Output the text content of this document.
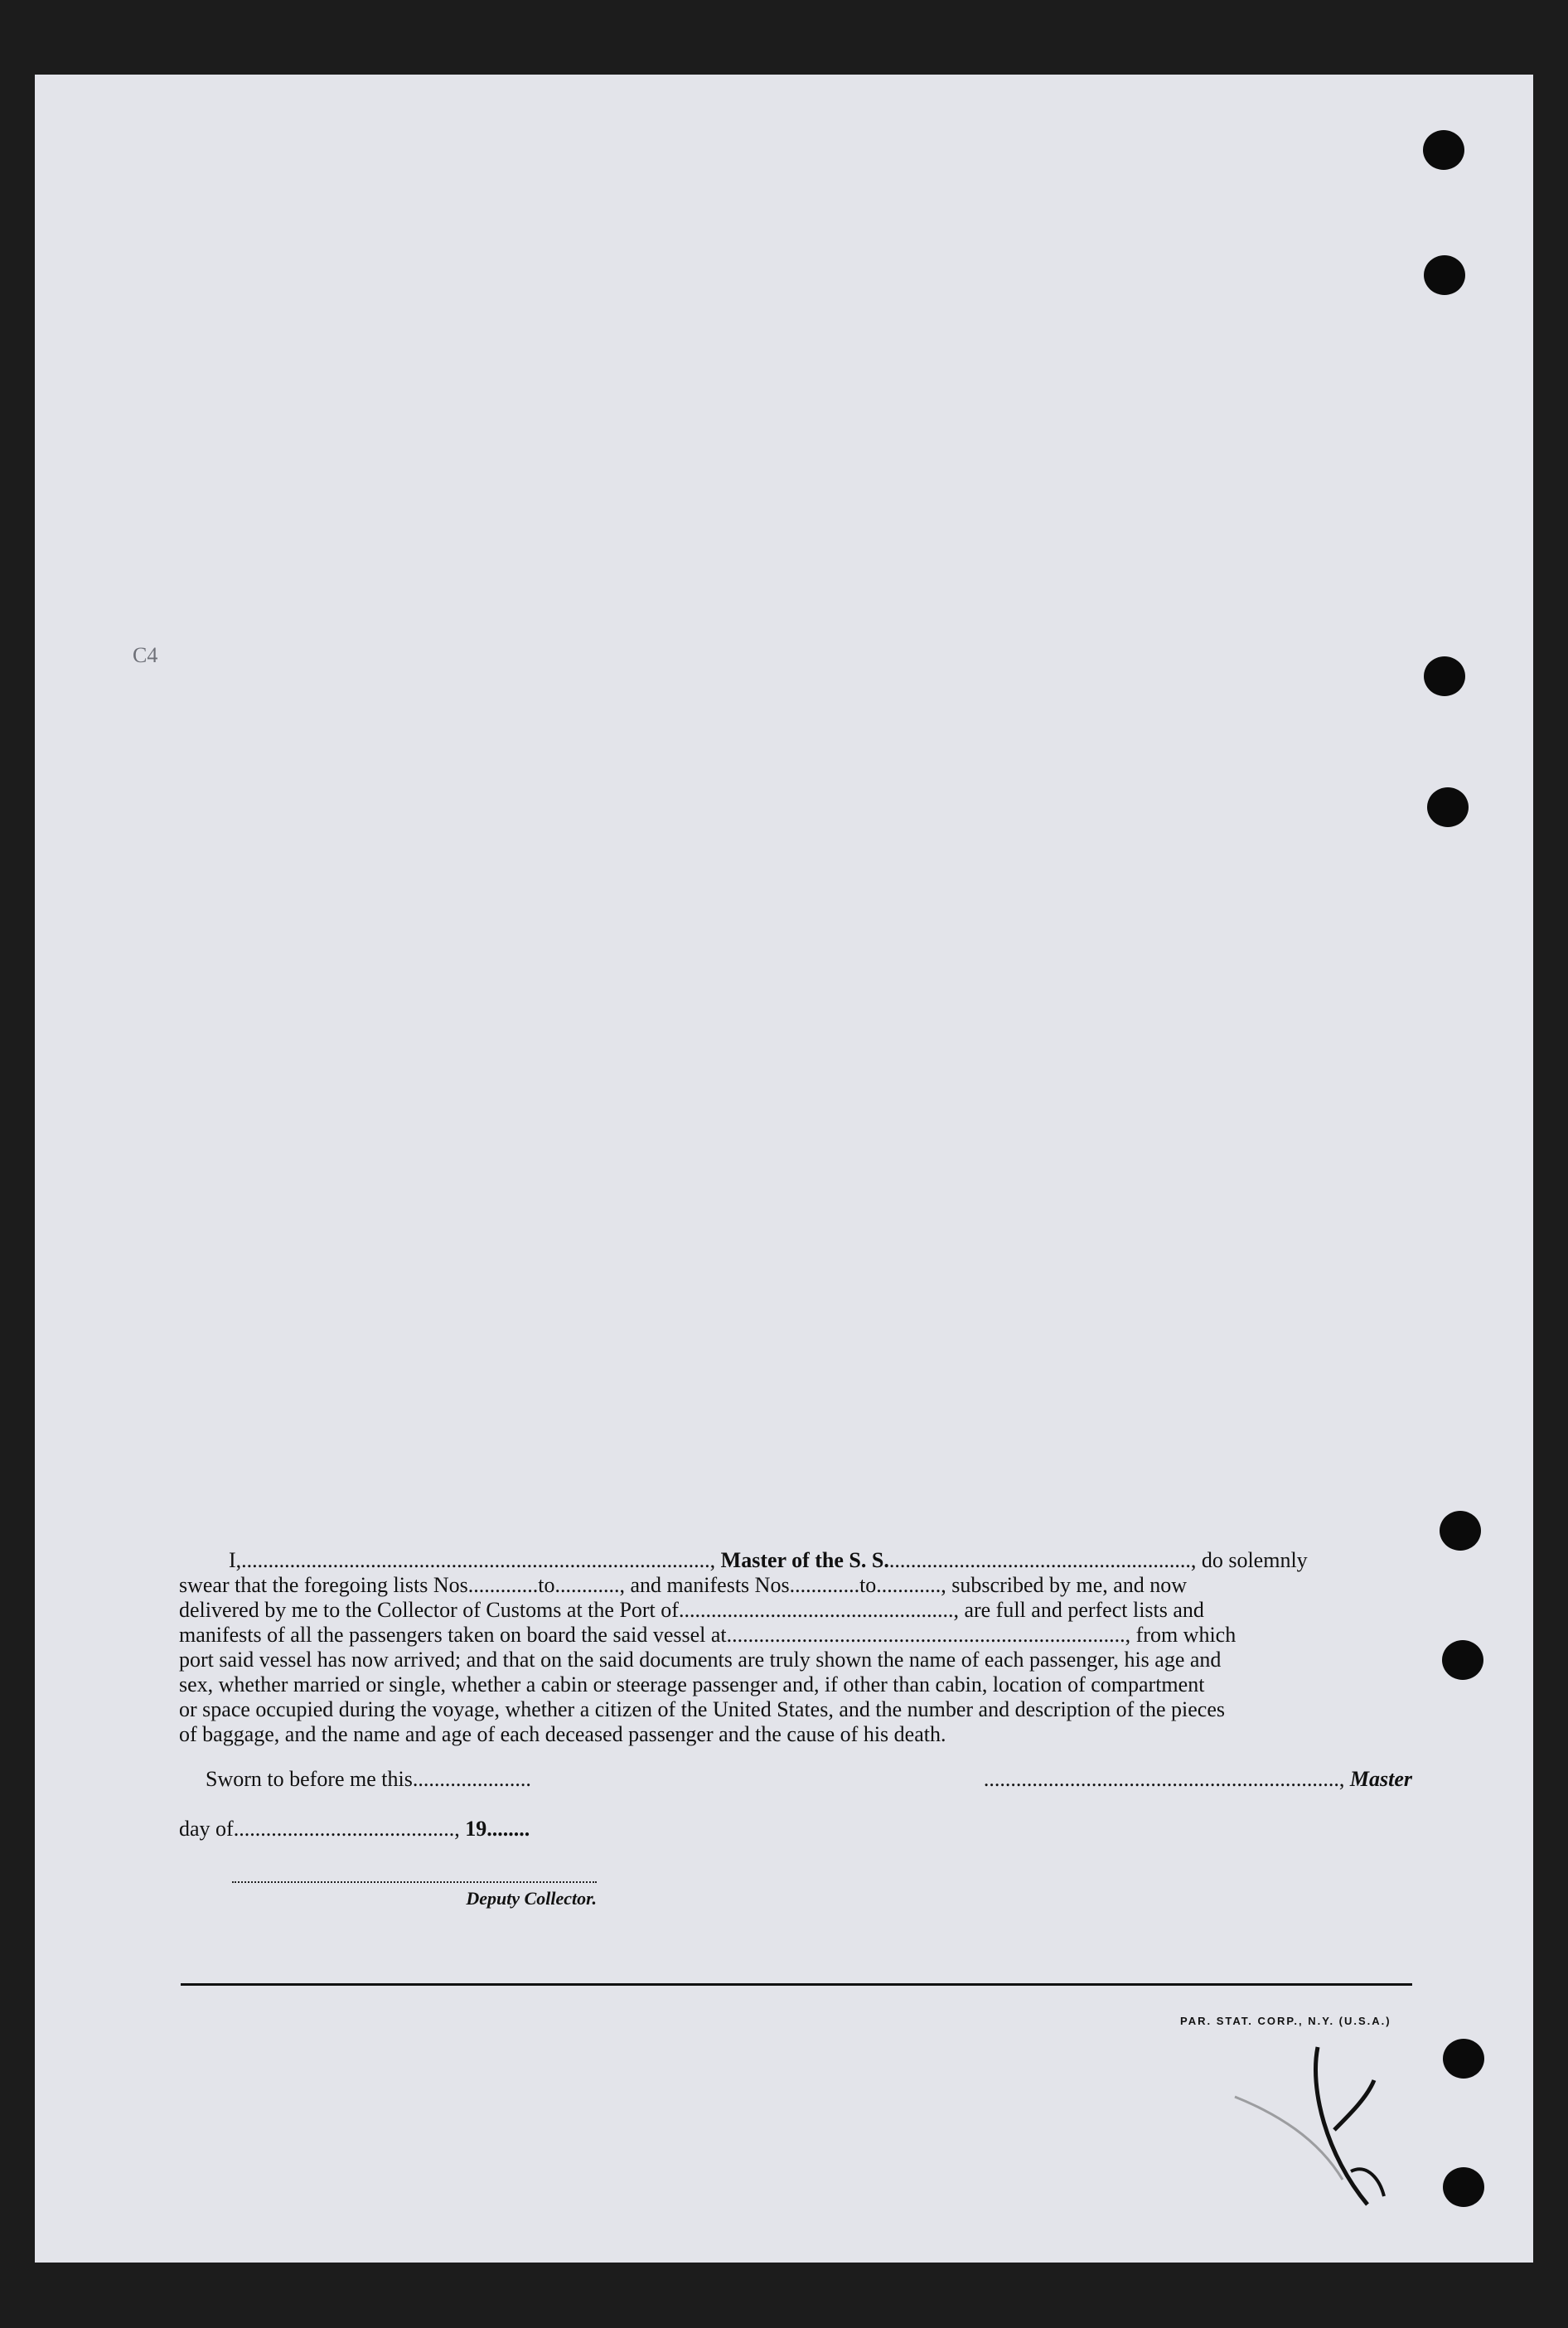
C4
I,......................................................................................., Master of the S. S........................................................., do solemnly
swear that the foregoing lists Nos.............to............, and manifests Nos.............to............, subscribed by me, and now
delivered by me to the Collector of Customs at the Port of..................................................., are full and perfect lists and
manifests of all the passengers taken on board the said vessel at.........................................................................., from which
port said vessel has now arrived; and that on the said documents are truly shown the name of each passenger, his age and
sex, whether married or single, whether a cabin or steerage passenger and, if other than cabin, location of compartment
or space occupied during the voyage, whether a citizen of the United States, and the number and description of the pieces
of baggage, and the name and age of each deceased passenger and the cause of his death.
Sworn to before me this......................	.................................................................., Master
day of........................................., 19........
Deputy Collector.
PAR. STAT. CORP., N.Y. (U.S.A.)
